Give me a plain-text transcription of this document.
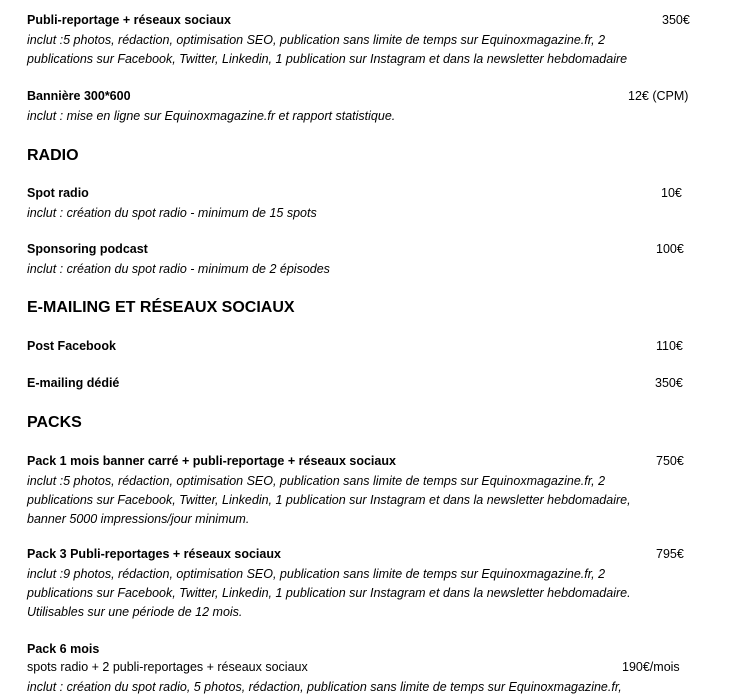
Publi-reportage + réseaux sociaux	350€
inclut :5 photos, rédaction, optimisation SEO, publication sans limite de temps sur Equinoxmagazine.fr, 2
publications sur Facebook, Twitter, Linkedin, 1 publication sur Instagram et dans la newsletter hebdomadaire
Bannière 300*600	12€ (CPM)
inclut : mise en ligne sur Equinoxmagazine.fr et rapport statistique.
RADIO
Spot radio	10€
inclut : création du spot radio - minimum de 15 spots
Sponsoring podcast	100€
inclut : création du spot radio - minimum de 2 épisodes
E-MAILING ET RÉSEAUX SOCIAUX
Post Facebook	110€
E-mailing dédié	350€
PACKS
Pack 1 mois banner carré + publi-reportage + réseaux sociaux	750€
inclut :5 photos, rédaction, optimisation SEO, publication sans limite de temps sur Equinoxmagazine.fr, 2
publications sur Facebook, Twitter, Linkedin, 1 publication sur Instagram et dans la newsletter hebdomadaire,
banner 5000 impressions/jour minimum.
Pack 3 Publi-reportages + réseaux sociaux	795€
inclut :9 photos, rédaction, optimisation SEO, publication sans limite de temps sur Equinoxmagazine.fr, 2
publications sur Facebook, Twitter, Linkedin, 1 publication sur Instagram et dans la newsletter hebdomadaire.
Utilisables sur une période de 12 mois.
Pack 6 mois
spots radio + 2 publi-reportages + réseaux sociaux	190€/mois
inclut : création du spot radio, 5 photos, rédaction, publication sans limite de temps sur Equinoxmagazine.fr,
